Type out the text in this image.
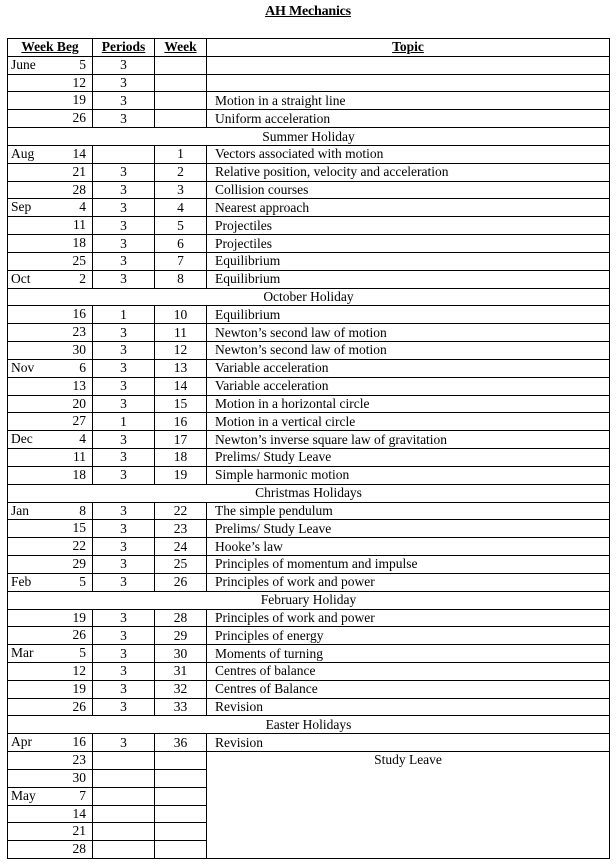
AH Mechanics
Week Beg	Periods	Week	Topic

June 5	3		

12	3		

19	3		Motion in a straight line

26	3		Uniform acceleration
Summer Holiday			

Aug 14		1	Vectors associated with motion

21	3	2	Relative position, velocity and acceleration

28	3	3	Collision courses

Sep 4	3	4	Nearest approach

11	3	5	Projectiles

18	3	6	Projectiles

25	3	7	Equilibrium

Oct 2	3	8	Equilibrium
October Holiday			

16	1	10	Equilibrium

23	3	11	Newton’s second law of motion

30	3	12	Newton’s second law of motion

Nov 6	3	13	Variable acceleration

13	3	14	Variable acceleration

20	3	15	Motion in a horizontal circle

27	1	16	Motion in a vertical circle

Dec 4	3	17	Newton’s inverse square law of gravitation

11	3	18	Prelims/ Study Leave

18	3	19	Simple harmonic motion
Christmas Holidays			

Jan 8	3	22	The simple pendulum

15	3	23	Prelims/ Study Leave

22	3	24	Hooke’s law

29	3	25	Principles of momentum and impulse

Feb 5	3	26	Principles of work and power
February Holiday			

19	3	28	Principles of work and power

26	3	29	Principles of energy

Mar 5	3	30	Moments of turning

12	3	31	Centres of balance

19	3	32	Centres of Balance

26	3	33	Revision
Easter Holidays			

Apr 16	3	36	Revision

23			Study Leave

30			

May 7			

14			

21			

28			
